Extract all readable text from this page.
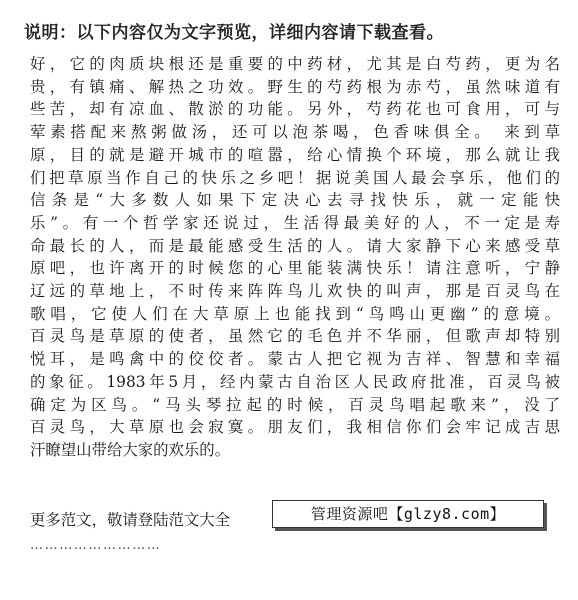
说明：以下内容仅为文字预览，详细内容请下载查看。
好，它的肉质块根还是重要的中药材，尤其是白芍药，更为名
贵，有镇痛、解热之功效。野生的芍药根为赤芍，虽然味道有
些苦，却有凉血、散淤的功能。另外，芍药花也可食用，可与
荤素搭配来熬粥做汤，还可以泡茶喝，色香味俱全。 来到草
原，目的就是避开城市的喧嚣，给心情换个环境，那么就让我
们把草原当作自己的快乐之乡吧！据说美国人最会享乐，他们的
信条是“大多数人如果下定决心去寻找快乐，就一定能快
乐”。有一个哲学家还说过，生活得最美好的人，不一定是寿
命最长的人，而是最能感受生活的人。请大家静下心来感受草
原吧，也许离开的时候您的心里能装满快乐！请注意听，宁静
辽远的草地上，不时传来阵阵鸟儿欢快的叫声，那是百灵鸟在
歌唱，它使人们在大草原上也能找到“鸟鸣山更幽”的意境。
百灵鸟是草原的使者，虽然它的毛色并不华丽，但歌声却特别
悦耳，是鸣禽中的佼佼者。蒙古人把它视为吉祥、智慧和幸福
的象征。1983年5月，经内蒙古自治区人民政府批准，百灵鸟被
确定为区鸟。“马头琴拉起的时候，百灵鸟唱起歌来”，没了
百灵鸟，大草原也会寂寞。朋友们，我相信你们会牢记成吉思
汗瞭望山带给大家的欢乐的。
更多范文，敬请登陆范文大全	管理资源吧【glzy8.com】
………………………
